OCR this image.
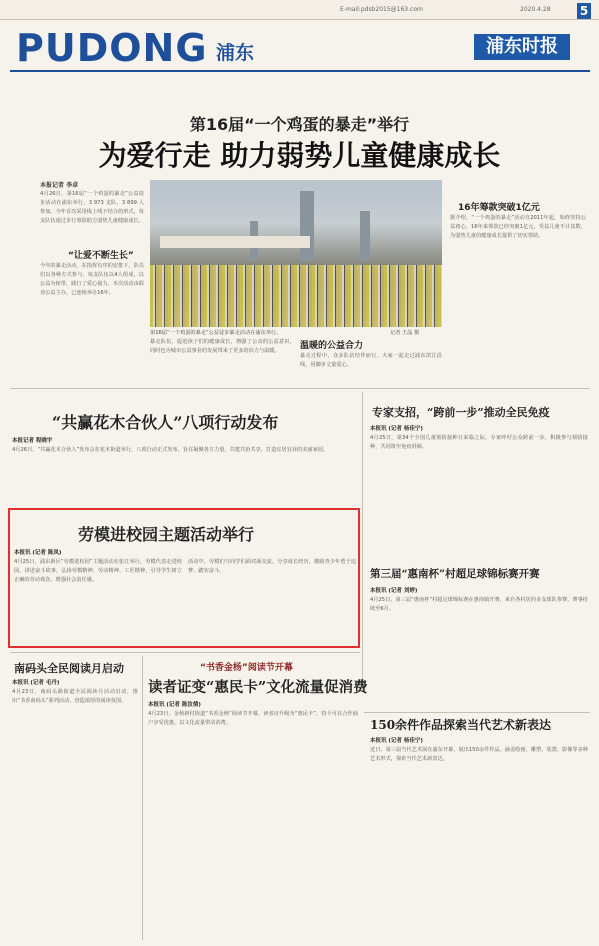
E-mail:pdsb2015@163.com	2020.4.28 5
PUDONG 浦东	浦东时报
第16届“一个鸡蛋的暴走”举行
为爱行走 助力弱势儿童健康成长
本报记者 李卓
4月26日，第16届“一个鸡蛋的暴走”公益徒步活动在浦东举行，3 973 支队、3 899 人参加。今年首次采用线上线下结合的形式，每支队伍通过步行筹款助力弱势儿童健康成长。
“让爱不断生长”
今年的暴走活动，在指挥有序的安排下，队员们以各种方式参与，每支队伍以4人组成，以公益为纽带，践行了爱心接力。本次活动由联劝公益主办，已连续举办16年。
第16届“一个鸡蛋的暴走”公益徒步暴走活动在浦东举行。	记者 王晶 摄
暴走队伍，促进孩子们的健康成长，增强了公众的公益意识，同时也为城市公益事业的发展带来了更多的活力与温暖。	温暖的公益合力
暴走过程中，众多队伍结伴而行，大家一起走过浦东滨江沿线，用脚步丈量爱心。
16年筹款突破1亿元
据介绍，“一个鸡蛋的暴走”活动自2011年起，始终坚持公益初心，16年来筹款已经突破1亿元，受益儿童不计其数，为弱势儿童的健康成长提供了切实帮助。
“共赢花木合伙人”八项行动发布
本报记者 程晓宇
4月26日，“共赢花木合伙人”发布会在花木街道举行，八项行动正式发布，旨在凝聚各方力量，共建共治共享，打造宜居宜业的美丽家园。
专家支招，“跨前一步”推动全民免疫
本报讯 (记者 杨佳宁)
4月25日，第34个全国儿童预防接种日来临之际，专家呼吁公众跨前一步，积极参与预防接种，共同筑牢免疫屏障。
劳模进校园主题活动举行
本报讯 (记者 陈凤)
4月25日，浦东新区“劳模进校园”主题活动在张江举行，劳模代表走进校园，讲述奋斗故事，弘扬劳模精神、劳动精神、工匠精神，引导学生树立正确的劳动观念，增强社会责任感。
活动中，劳模们与同学们面对面交流，分享成长经历，激励青少年勇于追梦、踏实奋斗。	第三届“惠南杯”村超足球锦标赛开赛
本报讯 (记者 刘婷)
4月25日，第三届“惠南杯”村超足球锦标赛在惠南镇开赛，来自各村居的多支球队参赛，赛事持续至6月。
南码头全民阅读月启动
本报讯 (记者 毛丹)
4月23日，南码头路街道全民阅读月活动启动，推出“书香南码头”系列活动，营造浓厚的阅读氛围。
“书香金杨”阅读节开幕
读者证变“惠民卡”文化流量促消费
本报讯 (记者 陈汝倩)
4月23日，金杨新村街道“书香金杨”阅读节开幕，读者证升级为“惠民卡”，持卡可在合作商户享受优惠，以文化流量带动消费。	150余件作品探索当代艺术新表达
本报讯 (记者 杨佳宁)
近日，第三届当代艺术展在浦东开幕，展出150余件作品，涵盖绘画、雕塑、装置、影像等多种艺术形式，探索当代艺术新表达。
